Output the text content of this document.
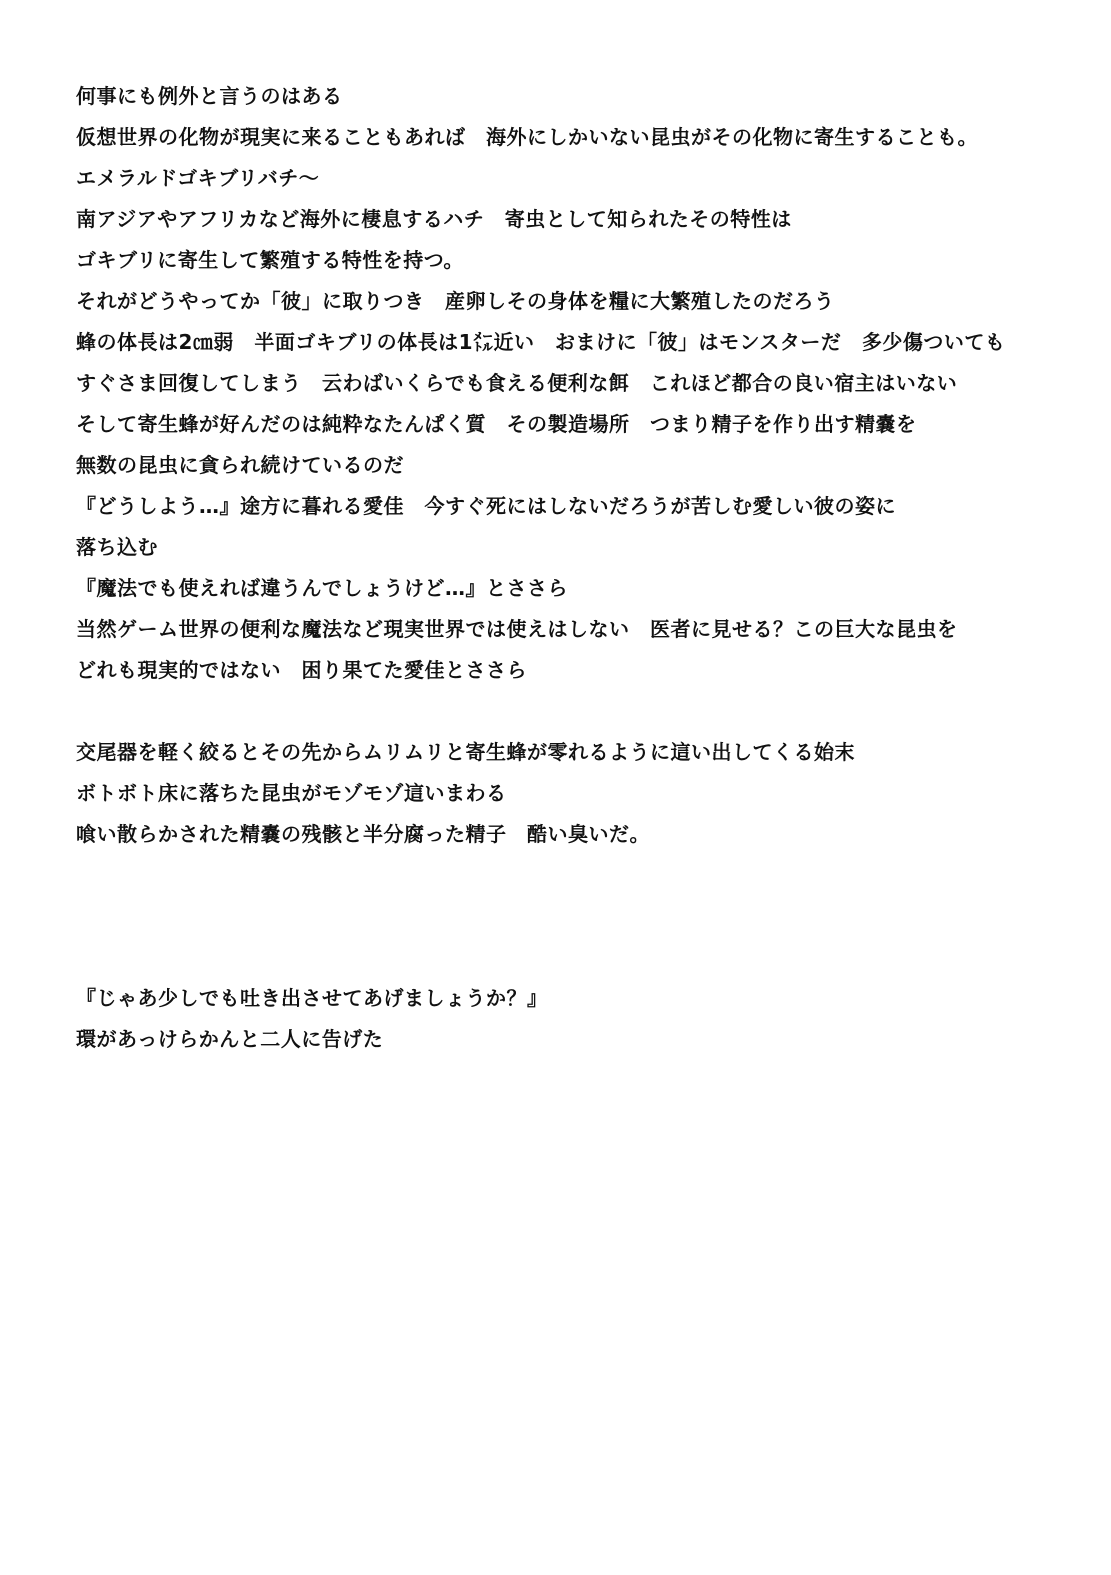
何事にも例外と言うのはある
仮想世界の化物が現実に来ることもあれば　海外にしかいない昆虫がその化物に寄生することも。
エメラルドゴキブリバチ～
南アジアやアフリカなど海外に棲息するハチ　寄虫として知られたその特性は
ゴキブリに寄生して繁殖する特性を持つ。
それがどうやってか「彼」に取りつき　産卵しその身体を糧に大繁殖したのだろう
蜂の体長は2㎝弱　半面ゴキブリの体長は1㍍近い　おまけに「彼」はモンスターだ　多少傷ついても
すぐさま回復してしまう　云わばいくらでも食える便利な餌　これほど都合の良い宿主はいない
そして寄生蜂が好んだのは純粋なたんぱく質　その製造場所　つまり精子を作り出す精嚢を
無数の昆虫に貪られ続けているのだ
『どうしよう…』途方に暮れる愛佳　今すぐ死にはしないだろうが苦しむ愛しい彼の姿に
落ち込む
『魔法でも使えれば違うんでしょうけど…』とささら
当然ゲーム世界の便利な魔法など現実世界では使えはしない　医者に見せる？この巨大な昆虫を
どれも現実的ではない　困り果てた愛佳とささら
交尾器を軽く絞るとその先からムリムリと寄生蜂が零れるように這い出してくる始末
ボトボト床に落ちた昆虫がモゾモゾ這いまわる
喰い散らかされた精嚢の残骸と半分腐った精子　酷い臭いだ。
『じゃあ少しでも吐き出させてあげましょうか？』
環があっけらかんと二人に告げた
